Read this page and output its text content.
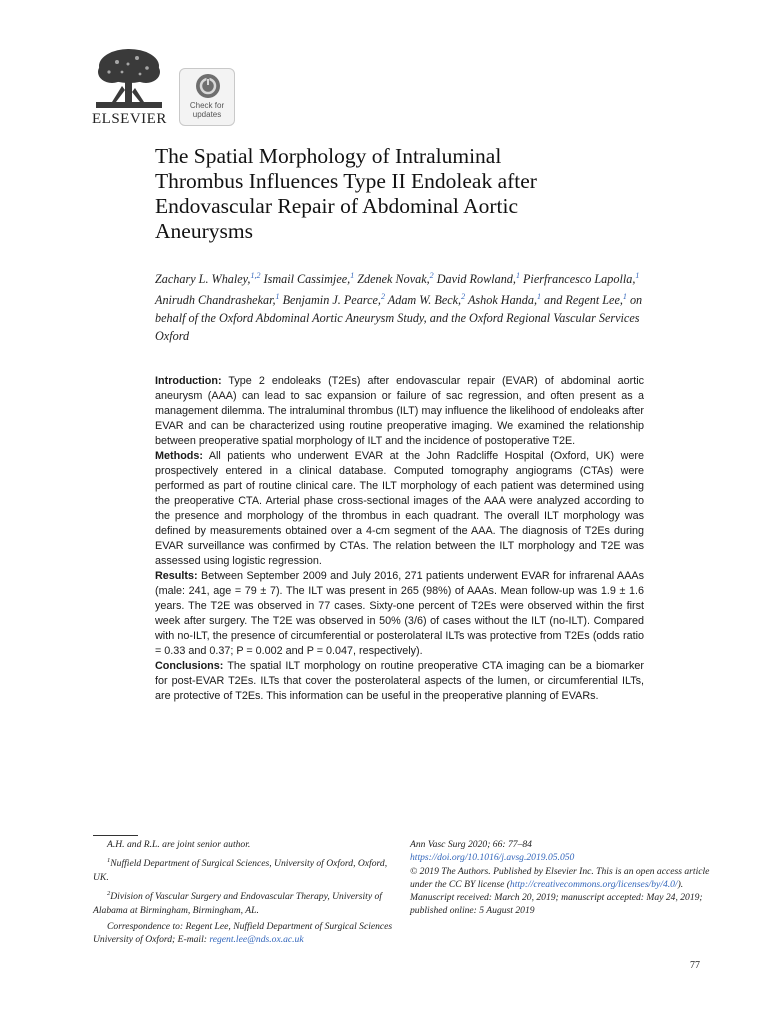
ELSEVIER
Check for
updates
The Spatial Morphology of Intraluminal
Thrombus Influences Type II Endoleak after
Endovascular Repair of Abdominal Aortic
Aneurysms
Zachary L. Whaley,$^{1,2}$ Ismail Cassimjee,$^1$ Zdenek Novak,$^2$ David Rowland,$^1$ Pierfrancesco Lapolla,$^1$ Anirudh Chandrashekar,$^1$ Benjamin J. Pearce,$^2$ Adam W. Beck,$^2$ Ashok Handa,$^1$ and Regent Lee,$^1$ on behalf of the Oxford Abdominal Aortic Aneurysm Study, and the Oxford Regional Vascular Services Oxford

Introduction: Type 2 endoleaks (T2Es) after endovascular repair (EVAR) of abdominal aortic aneurysm (AAA) can lead to sac expansion or failure of sac regression, and often present as a management dilemma. The intraluminal thrombus (ILT) may influence the likelihood of endoleaks after EVAR and can be characterized using routine preoperative imaging. We examined the relationship between preoperative spatial morphology of ILT and the incidence of postoperative T2E.

Methods: All patients who underwent EVAR at the John Radcliffe Hospital (Oxford, UK) were prospectively entered in a clinical database. Computed tomography angiograms (CTAs) were performed as part of routine clinical care. The ILT morphology of each patient was determined using the preoperative CTA. Arterial phase cross-sectional images of the AAA were analyzed according to the presence and morphology of the thrombus in each quadrant. The overall ILT morphology was defined by measurements obtained over a 4-cm segment of the AAA. The diagnosis of T2Es during EVAR surveillance was confirmed by CTAs. The relation between the ILT morphology and T2E was assessed using logistic regression.

Results: Between September 2009 and July 2016, 271 patients underwent EVAR for infrarenal AAAs (male: 241, age = 79 ± 7). The ILT was present in 265 (98%) of AAAs. Mean follow-up was 1.9 ± 1.6 years. The T2E was observed in 77 cases. Sixty-one percent of T2Es were observed within the first week after surgery. The T2E was observed in 50% (3/6) of cases without the ILT (no-ILT). Compared with no-ILT, the presence of circumferential or posterolateral ILTs was protective from T2Es (odds ratio = 0.33 and 0.37; P = 0.002 and P = 0.047, respectively).

Conclusions: The spatial ILT morphology on routine preoperative CTA imaging can be a biomarker for post-EVAR T2Es. ILTs that cover the posterolateral aspects of the lumen, or circumferential ILTs, are protective of T2Es. This information can be useful in the preoperative planning of EVARs.

A.H. and R.L. are joint senior author.

$^1$Nuffield Department of Surgical Sciences, University of Oxford, Oxford, UK.

$^2$Division of Vascular Surgery and Endovascular Therapy, University of Alabama at Birmingham, Birmingham, AL.

Correspondence to: Regent Lee, Nuffield Department of Surgical Sciences University of Oxford; E-mail: regent.lee@nds.ox.ac.uk

Ann Vasc Surg 2020; 66: 77–84

https://doi.org/10.1016/j.avsg.2019.05.050

© 2019 The Authors. Published by Elsevier Inc. This is an open access article under the CC BY license (http://creativecommons.org/licenses/by/4.0/).

Manuscript received: March 20, 2019; manuscript accepted: May 24, 2019; published online: 5 August 2019

77
